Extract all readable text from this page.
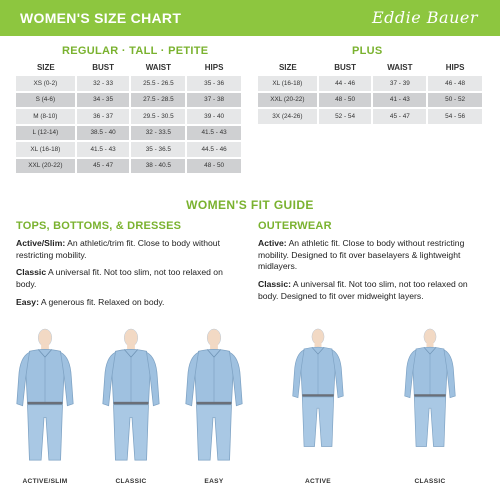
WOMEN'S SIZE CHART	Eddie Bauer
REGULAR · TALL · PETITE
SIZE	BUST	WAIST	HIPS
XS (0-2)	32 - 33	25.5 - 26.5	35 - 36
S (4-6)	34 - 35	27.5 - 28.5	37 - 38
M (8-10)	36 - 37	29.5 - 30.5	39 - 40
L (12-14)	38.5 - 40	32 - 33.5	41.5 - 43
XL (16-18)	41.5 - 43	35 - 36.5	44.5 - 46
XXL (20-22)	45 - 47	38 - 40.5	48 - 50
PLUS
SIZE	BUST	WAIST	HIPS
XL (16-18)	44 - 46	37 - 39	46 - 48
XXL (20-22)	48 - 50	41 - 43	50 - 52
3X (24-26)	52 - 54	45 - 47	54 - 56
WOMEN'S FIT GUIDE
TOPS, BOTTOMS, & DRESSES
Active/Slim: An athletic/trim fit. Close to body without restricting mobility.
Classic A universal fit. Not too slim, not too relaxed on body.
Easy: A generous fit. Relaxed on body.
OUTERWEAR
Active: An athletic fit. Close to body without restricting mobility. Designed to fit over baselayers & lightweight midlayers.
Classic: A universal fit. Not too slim, not too relaxed on body. Designed to fit over midweight layers.
ACTIVE/SLIM	CLASSIC	EASY	ACTIVE	CLASSIC
